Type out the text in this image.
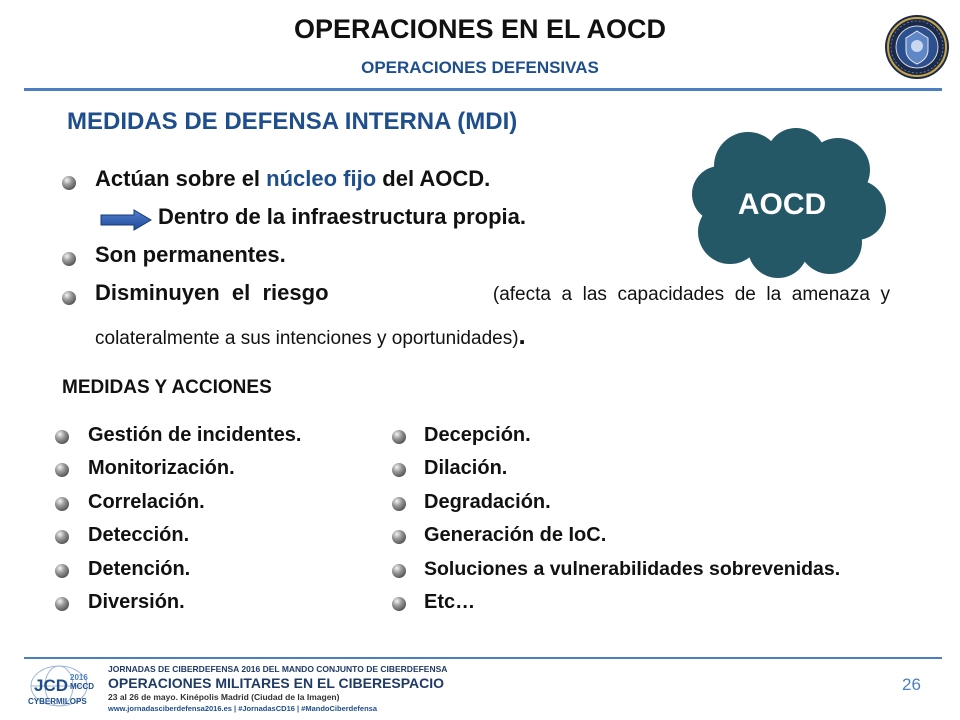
OPERACIONES EN EL AOCD
OPERACIONES DEFENSIVAS
MEDIDAS DE DEFENSA INTERNA (MDI)
AOCD
Actúan sobre el núcleo fijo del AOCD.
Dentro de la infraestructura propia.
Son permanentes.
Disminuyen  el  riesgo	(afecta  a  las  capacidades  de  la  amenaza  y
colateralmente a sus intenciones y oportunidades).
MEDIDAS Y ACCIONES
Gestión de incidentes.
Monitorización.
Correlación.
Detección.
Detención.
Diversión.
Decepción.
Dilación.
Degradación.
Generación de IoC.
Soluciones a vulnerabilidades sobrevenidas.
Etc…
JCD 2016
MCCD
CYBERMILOPS
JORNADAS DE CIBERDEFENSA 2016 DEL MANDO CONJUNTO DE CIBERDEFENSA
OPERACIONES MILITARES EN EL CIBERESPACIO
23 al 26 de mayo. Kinépolis Madrid (Ciudad de la Imagen)
www.jornadasciberdefensa2016.es | #JornadasCD16 | #MandoCiberdefensa
26
